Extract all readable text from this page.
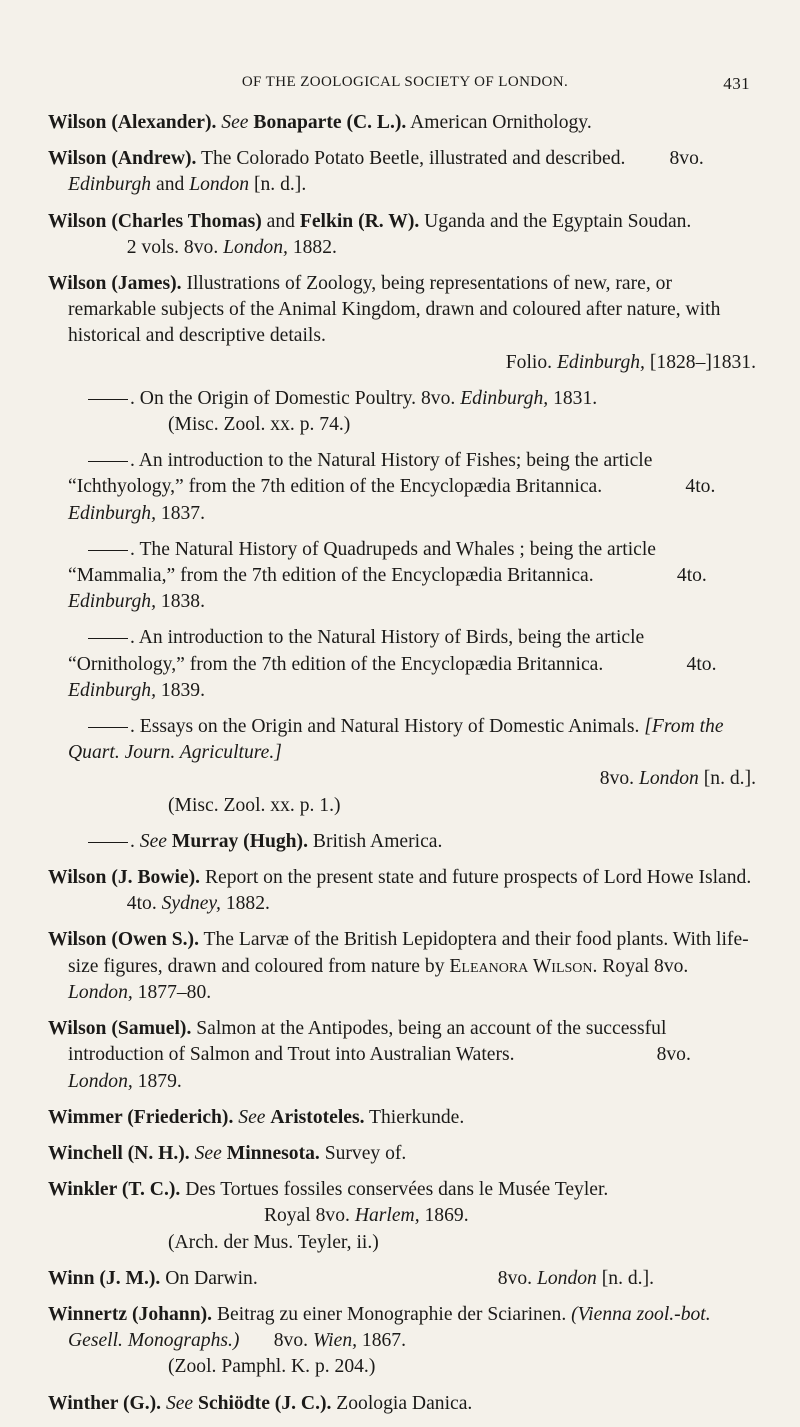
OF THE ZOOLOGICAL SOCIETY OF LONDON.	431
Wilson (Alexander). See Bonaparte (C. L.). American Ornithology.
Wilson (Andrew). The Colorado Potato Beetle, illustrated and described. 8vo. Edinburgh and London [n. d.].
Wilson (Charles Thomas) and Felkin (R. W). Uganda and the Egyptain Soudan.             2 vols. 8vo. London, 1882.
Wilson (James). Illustrations of Zoology, being representations of new, rare, or remarkable subjects of the Animal Kingdom, drawn and coloured after nature, with historical and descriptive details.
Folio. Edinburgh, [1828–]1831.
. On the Origin of Domestic Poultry. 8vo. Edinburgh, 1831.
(Misc. Zool. xx. p. 74.)
. An introduction to the Natural History of Fishes; being the article “Ichthyology,” from the 7th edition of the Encyclopædia Britannica.	4to. Edinburgh, 1837.
. The Natural History of Quadrupeds and Whales ; being the article “Mammalia,” from the 7th edition of the Encyclopædia Britannica.	4to. Edinburgh, 1838.
. An introduction to the Natural History of Birds, being the article “Ornithology,” from the 7th edition of the Encyclopædia Britannica.	4to. Edinburgh, 1839.
. Essays on the Origin and Natural History of Domestic Animals. [From the Quart. Journ. Agriculture.]
8vo. London [n. d.].
(Misc. Zool. xx. p. 1.)
. See Murray (Hugh). British America.
Wilson (J. Bowie). Report on the present state and future prospects of Lord Howe Island.             4to. Sydney, 1882.
Wilson (Owen S.). The Larvæ of the British Lepidoptera and their food plants. With life-size figures, drawn and coloured from nature by Eleanora Wilson. Royal 8vo. London, 1877–80.
Wilson (Samuel). Salmon at the Antipodes, being an account of the successful introduction of Salmon and Trout into Australian Waters.	8vo. London, 1879.
Wimmer (Friederich). See Aristoteles. Thierkunde.
Winchell (N. H.). See Minnesota. Survey of.
Winkler (T. C.). Des Tortues fossiles conservées dans le Musée Teyler.                                         Royal 8vo. Harlem, 1869.
(Arch. der Mus. Teyler, ii.)
Winn (J. M.). On Darwin.	8vo. London [n. d.].
Winnertz (Johann). Beitrag zu einer Monographie der Sciarinen. (Vienna zool.-bot. Gesell. Monographs.) 8vo. Wien, 1867.
(Zool. Pamphl. K. p. 204.)
Winther (G.). See Schiödte (J. C.). Zoologia Danica.
